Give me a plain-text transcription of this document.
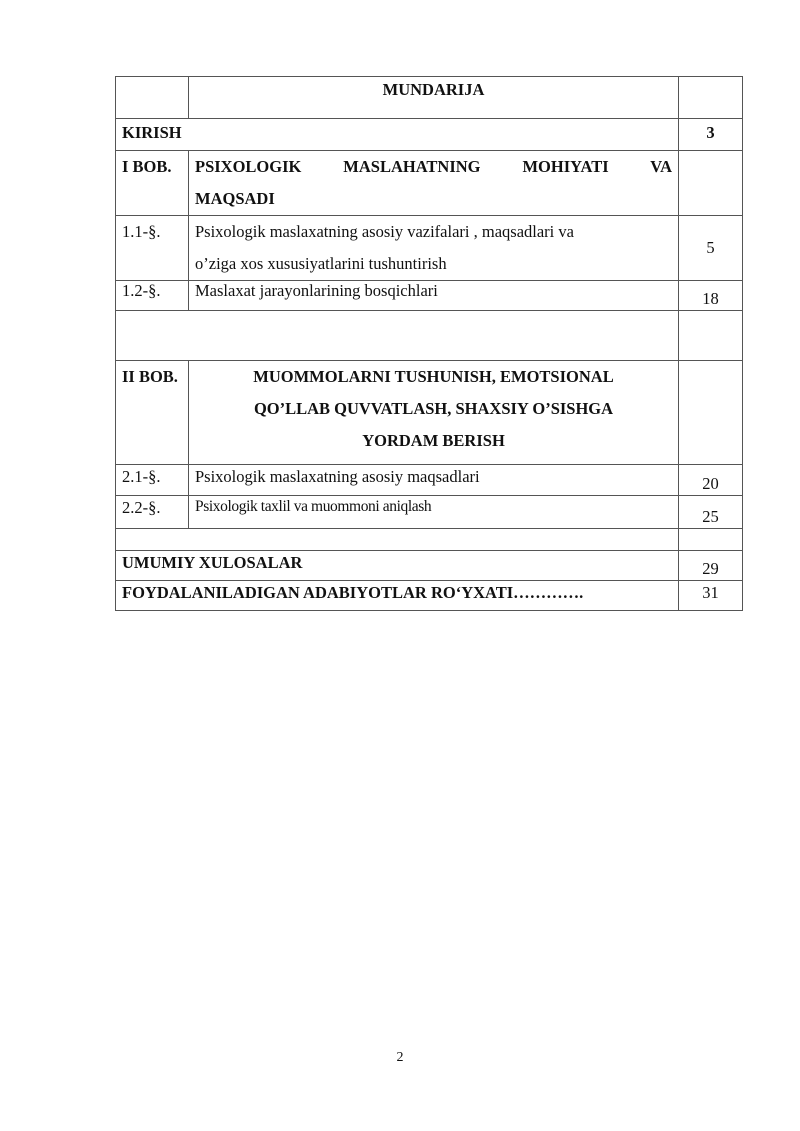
	MUNDARIJA	
KIRISH		3
I BOB.	PSIXOLOGIK MASLAHATNING MOHIYATI VA
MAQSADI	

1.1-§.	Psixologik maslaxatning asosiy vazifalari , maqsadlari va
o’ziga xos xususiyatlarini tushuntirish	5
1.2-§.	Maslaxat jarayonlarining bosqichlari	18

II BOB.	MUOMMOLARNI TUSHUNISH, EMOTSIONAL
QO’LLAB QUVVATLASH, SHAXSIY O’SISHGA
YORDAM BERISH	

2.1-§.	Psixologik maslaxatning asosiy maqsadlari	20
2.2-§.	Psixologik taxlil va muommoni aniqlash	25

UMUMIY XULOSALAR		29
FOYDALANILADIGAN ADABIYOTLAR RO‘YXATI………….		31
2
